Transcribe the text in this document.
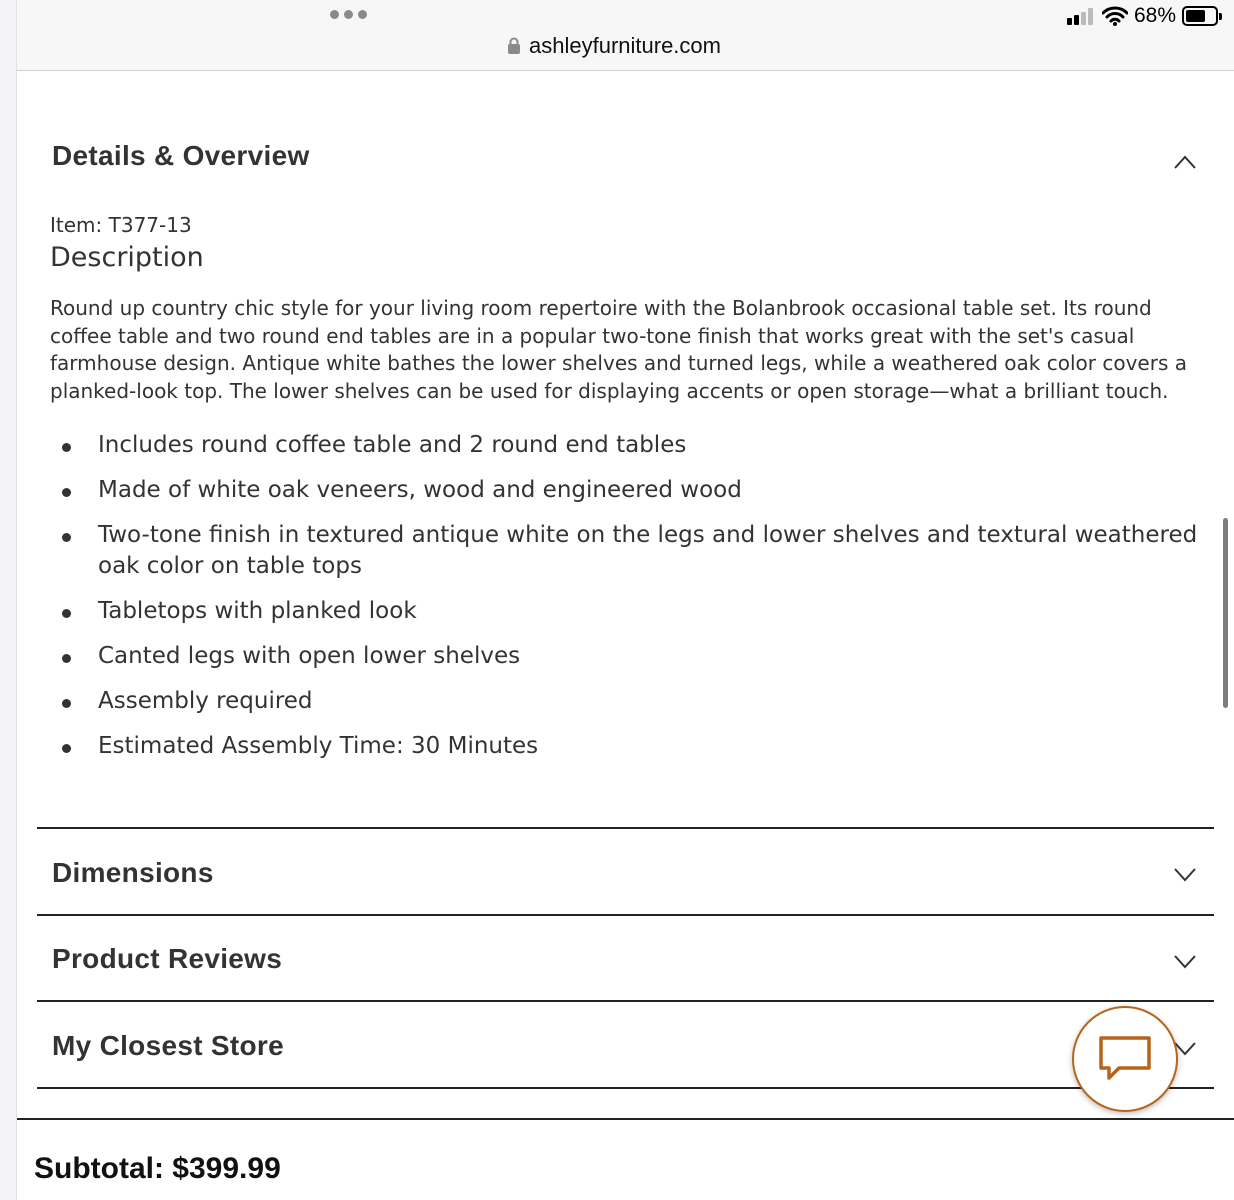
ashleyfurniture.com
68%
Details & Overview
Item: T377-13
Description

Round up country chic style for your living room repertoire with the Bolanbrook occasional table set. Its round coffee table and two round end tables are in a popular two-tone finish that works great with the set's casual farmhouse design. Antique white bathes the lower shelves and turned legs, while a weathered oak color covers a planked-look top. The lower shelves can be used for displaying accents or open storage—what a brilliant touch.

Includes round coffee table and 2 round end tables
Made of white oak veneers, wood and engineered wood
Two-tone finish in textured antique white on the legs and lower shelves and textural weathered oak color on table tops
Tabletops with planked look
Canted legs with open lower shelves
Assembly required
Estimated Assembly Time: 30 Minutes
Dimensions
Product Reviews
My Closest Store
Subtotal: $399.99
